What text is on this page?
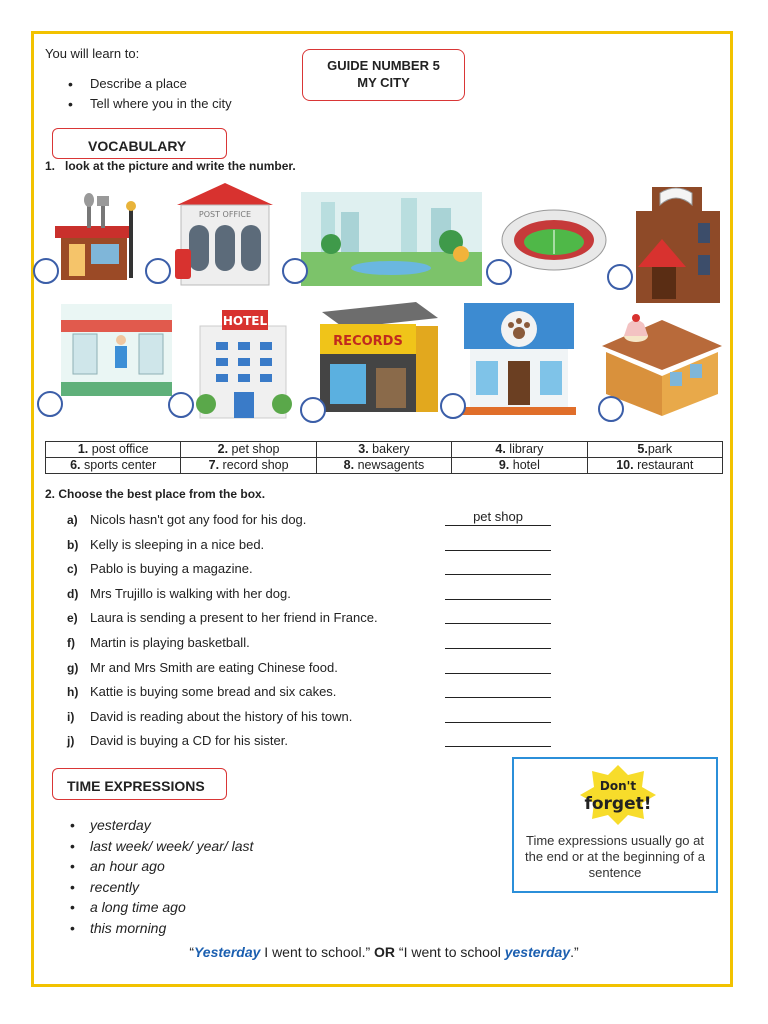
You will learn to:
• Describe a place
• Tell where you in the city
GUIDE NUMBER 5
MY CITY
1. look at the picture and write the number.
VOCABULARY
POST OFFICE
HOTEL
RECORDS
1. post office	2. pet shop	3. bakery	4. library	5.park
6. sports center	7. record shop	8. newsagents	9. hotel	10. restaurant
2. Choose the best place from the box.
a) Nicols hasn't got any food for his dog.	pet shop
b) Kelly is sleeping in a nice bed.
c) Pablo is buying a magazine.
d) Mrs Trujillo is walking with her dog.
e) Laura is sending a present to her friend in France.
f) Martin is playing basketball.
g) Mr and Mrs Smith are eating Chinese food.
h) Kattie is buying some bread and six cakes.
i) David is reading about the history of his town.
j) David is buying a CD for his sister.
TIME EXPRESSIONS
• yesterday
• last week/ week/ year/ last
• an hour ago
• recently
• a long time ago
• this morning
Don't
forget!
Time expressions usually go at the end or at the beginning of a sentence
“Yesterday I went to school.” OR “I went to school yesterday.”
